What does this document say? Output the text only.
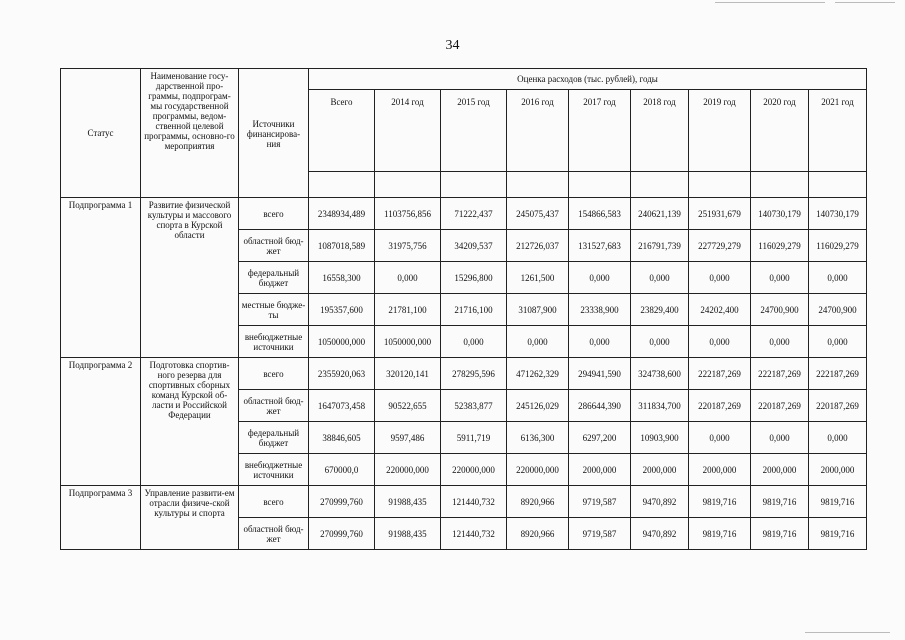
34
Статус	Наименование госу-дарственной про-граммы, подпрограм-мы государственной программы, ведом-ственной целевой программы, основно-го мероприятия	Источники финансирова-ния	Оценка расходов (тыс. рублей), годы								
			Всего	2014 год	2015 год	2016 год	2017 год	2018 год	2019 год	2020 год	2021 год

Подпрограмма 1	Развитие физической культуры и массового спорта в Курской области	всего	2348934,489	1103756,856	71222,437	245075,437	154866,583	240621,139	251931,679	140730,179	140730,179
		областной бюд-жет	1087018,589	31975,756	34209,537	212726,037	131527,683	216791,739	227729,279	116029,279	116029,279
		федеральный бюджет	16558,300	0,000	15296,800	1261,500	0,000	0,000	0,000	0,000	0,000
		местные бюдже-ты	195357,600	21781,100	21716,100	31087,900	23338,900	23829,400	24202,400	24700,900	24700,900
		внебюджетные источники	1050000,000	1050000,000	0,000	0,000	0,000	0,000	0,000	0,000	0,000
Подпрограмма 2	Подготовка спортив-ного резерва для спортивных сборных команд Курской об-ласти и Российской Федерации	всего	2355920,063	320120,141	278295,596	471262,329	294941,590	324738,600	222187,269	222187,269	222187,269
		областной бюд-жет	1647073,458	90522,655	52383,877	245126,029	286644,390	311834,700	220187,269	220187,269	220187,269
		федеральный бюджет	38846,605	9597,486	5911,719	6136,300	6297,200	10903,900	0,000	0,000	0,000
		внебюджетные источники	670000,0	220000,000	220000,000	220000,000	2000,000	2000,000	2000,000	2000,000	2000,000
Подпрограмма 3	Управление развити-ем отрасли физиче-ской культуры и спорта	всего	270999,760	91988,435	121440,732	8920,966	9719,587	9470,892	9819,716	9819,716	9819,716
		областной бюд-жет	270999,760	91988,435	121440,732	8920,966	9719,587	9470,892	9819,716	9819,716	9819,716
